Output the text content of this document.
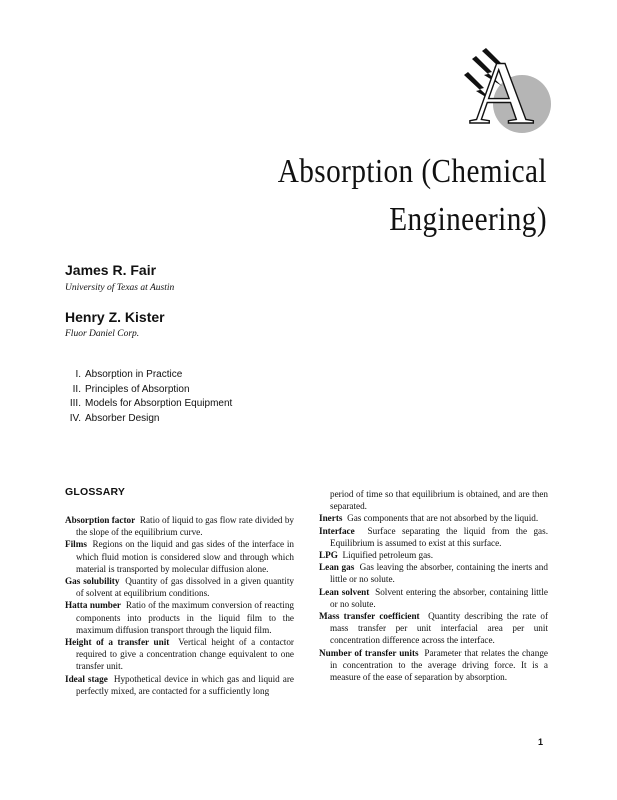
A
Absorption (Chemical
Engineering)
James R. Fair
University of Texas at Austin
Henry Z. Kister
Fluor Daniel Corp.
I. Absorption in Practice
II. Principles of Absorption
III. Models for Absorption Equipment
IV. Absorber Design
GLOSSARY
Absorption factor Ratio of liquid to gas flow rate divided by the slope of the equilibrium curve.
Films Regions on the liquid and gas sides of the interface in which fluid motion is considered slow and through which material is transported by molecular diffusion alone.
Gas solubility Quantity of gas dissolved in a given quantity of solvent at equilibrium conditions.
Hatta number Ratio of the maximum conversion of reacting components into products in the liquid film to the maximum diffusion transport through the liquid film.
Height of a transfer unit Vertical height of a contactor required to give a concentration change equivalent to one transfer unit.
Ideal stage Hypothetical device in which gas and liquid are perfectly mixed, are contacted for a sufficiently long
period of time so that equilibrium is obtained, and are then separated.
Inerts Gas components that are not absorbed by the liquid.
Interface Surface separating the liquid from the gas. Equilibrium is assumed to exist at this surface.
LPG Liquified petroleum gas.
Lean gas Gas leaving the absorber, containing the inerts and little or no solute.
Lean solvent Solvent entering the absorber, containing little or no solute.
Mass transfer coefficient Quantity describing the rate of mass transfer per unit interfacial area per unit concentration difference across the interface.
Number of transfer units Parameter that relates the change in concentration to the average driving force. It is a measure of the ease of separation by absorption.
1
